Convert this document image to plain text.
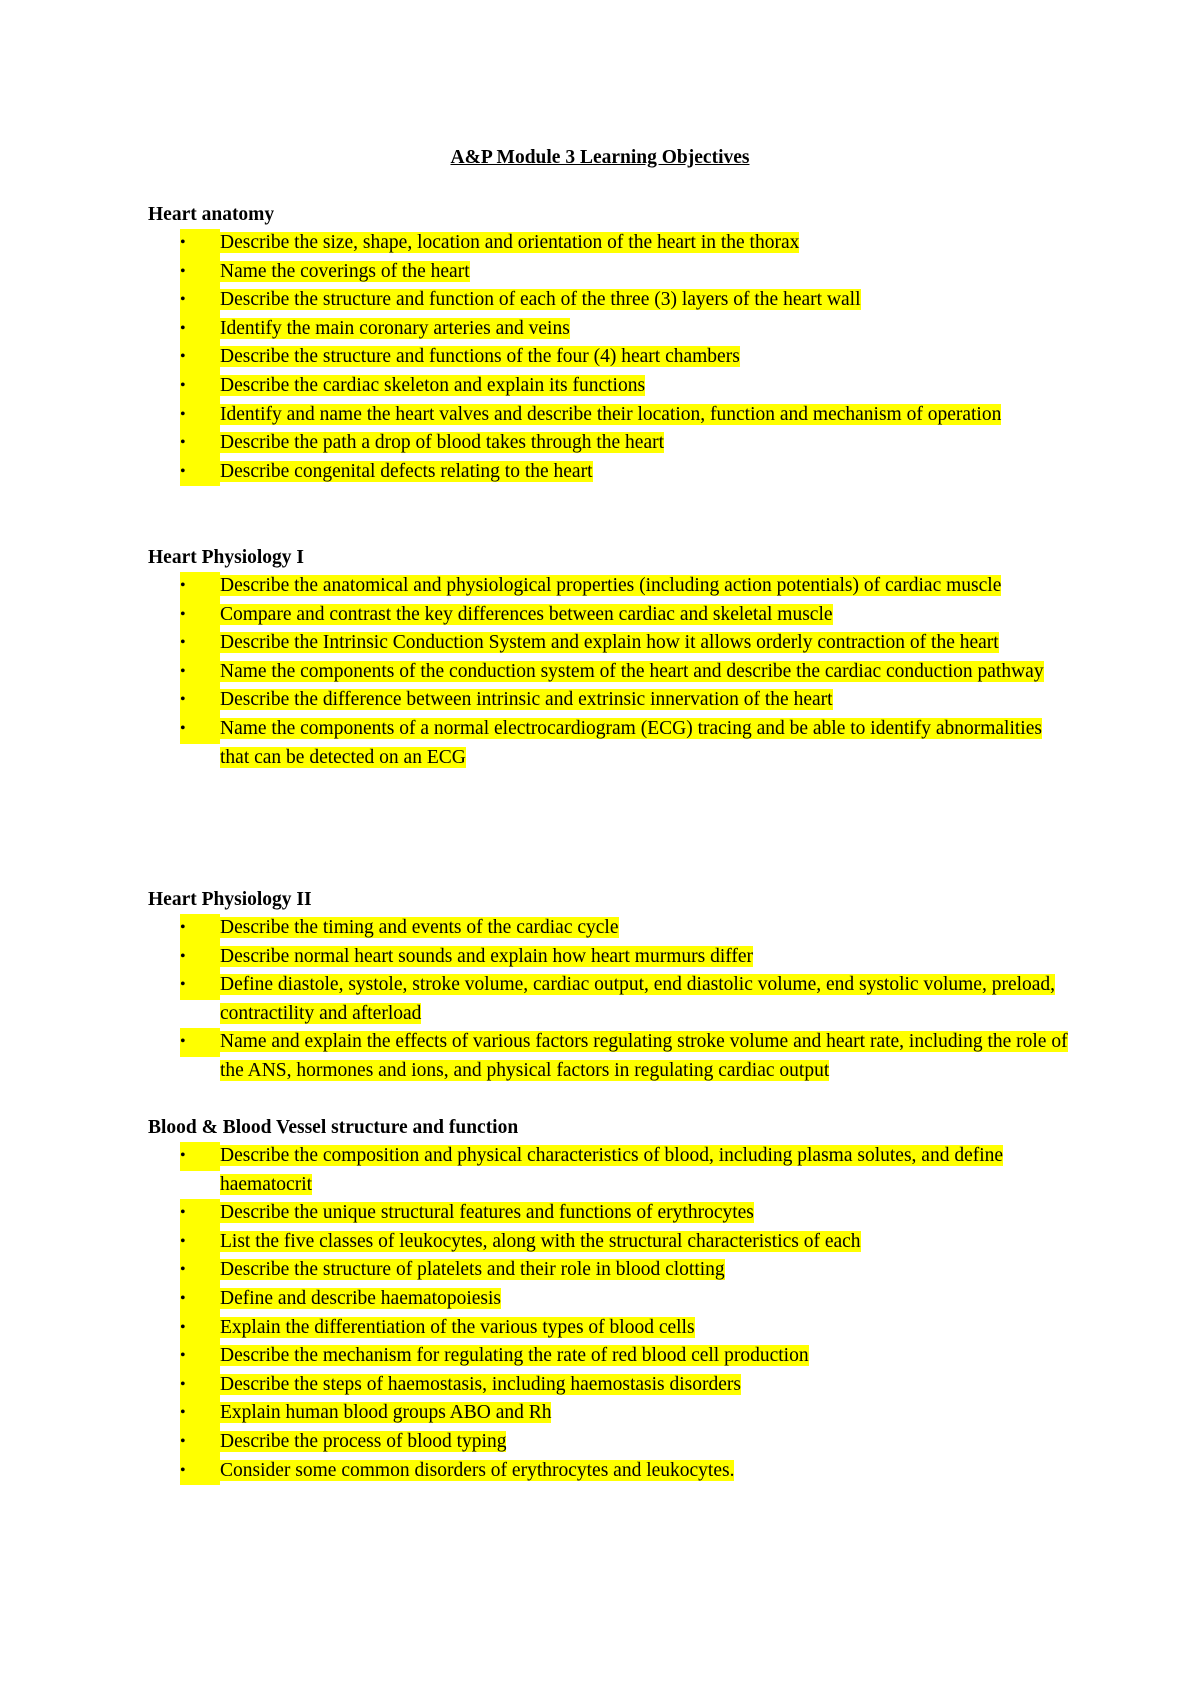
A&P Module 3 Learning Objectives
Heart anatomy
•	Describe the size, shape, location and orientation of the heart in the thorax
•	Name the coverings of the heart
•	Describe the structure and function of each of the three (3) layers of the heart wall
•	Identify the main coronary arteries and veins
•	Describe the structure and functions of the four (4) heart chambers
•	Describe the cardiac skeleton and explain its functions
•	Identify and name the heart valves and describe their location, function and mechanism of operation
•	Describe the path a drop of blood takes through the heart
•	Describe congenital defects relating to the heart
Heart Physiology I
•	Describe the anatomical and physiological properties (including action potentials) of cardiac muscle
•	Compare and contrast the key differences between cardiac and skeletal muscle
•	Describe the Intrinsic Conduction System and explain how it allows orderly contraction of the heart
•	Name the components of the conduction system of the heart and describe the cardiac conduction pathway
•	Describe the difference between intrinsic and extrinsic innervation of the heart
•	Name the components of a normal electrocardiogram (ECG) tracing and be able to identify abnormalities that can be detected on an ECG
Heart Physiology II
•	Describe the timing and events of the cardiac cycle
•	Describe normal heart sounds and explain how heart murmurs differ
•	Define diastole, systole, stroke volume, cardiac output, end diastolic volume, end systolic volume, preload, contractility and afterload
•	Name and explain the effects of various factors regulating stroke volume and heart rate, including the role of the ANS, hormones and ions, and physical factors in regulating cardiac output
Blood & Blood Vessel structure and function
•	Describe the composition and physical characteristics of blood, including plasma solutes, and define haematocrit
•	Describe the unique structural features and functions of erythrocytes
•	List the five classes of leukocytes, along with the structural characteristics of each
•	Describe the structure of platelets and their role in blood clotting
•	Define and describe haematopoiesis
•	Explain the differentiation of the various types of blood cells
•	Describe the mechanism for regulating the rate of red blood cell production
•	Describe the steps of haemostasis, including haemostasis disorders
•	Explain human blood groups ABO and Rh
•	Describe the process of blood typing
•	Consider some common disorders of erythrocytes and leukocytes.
